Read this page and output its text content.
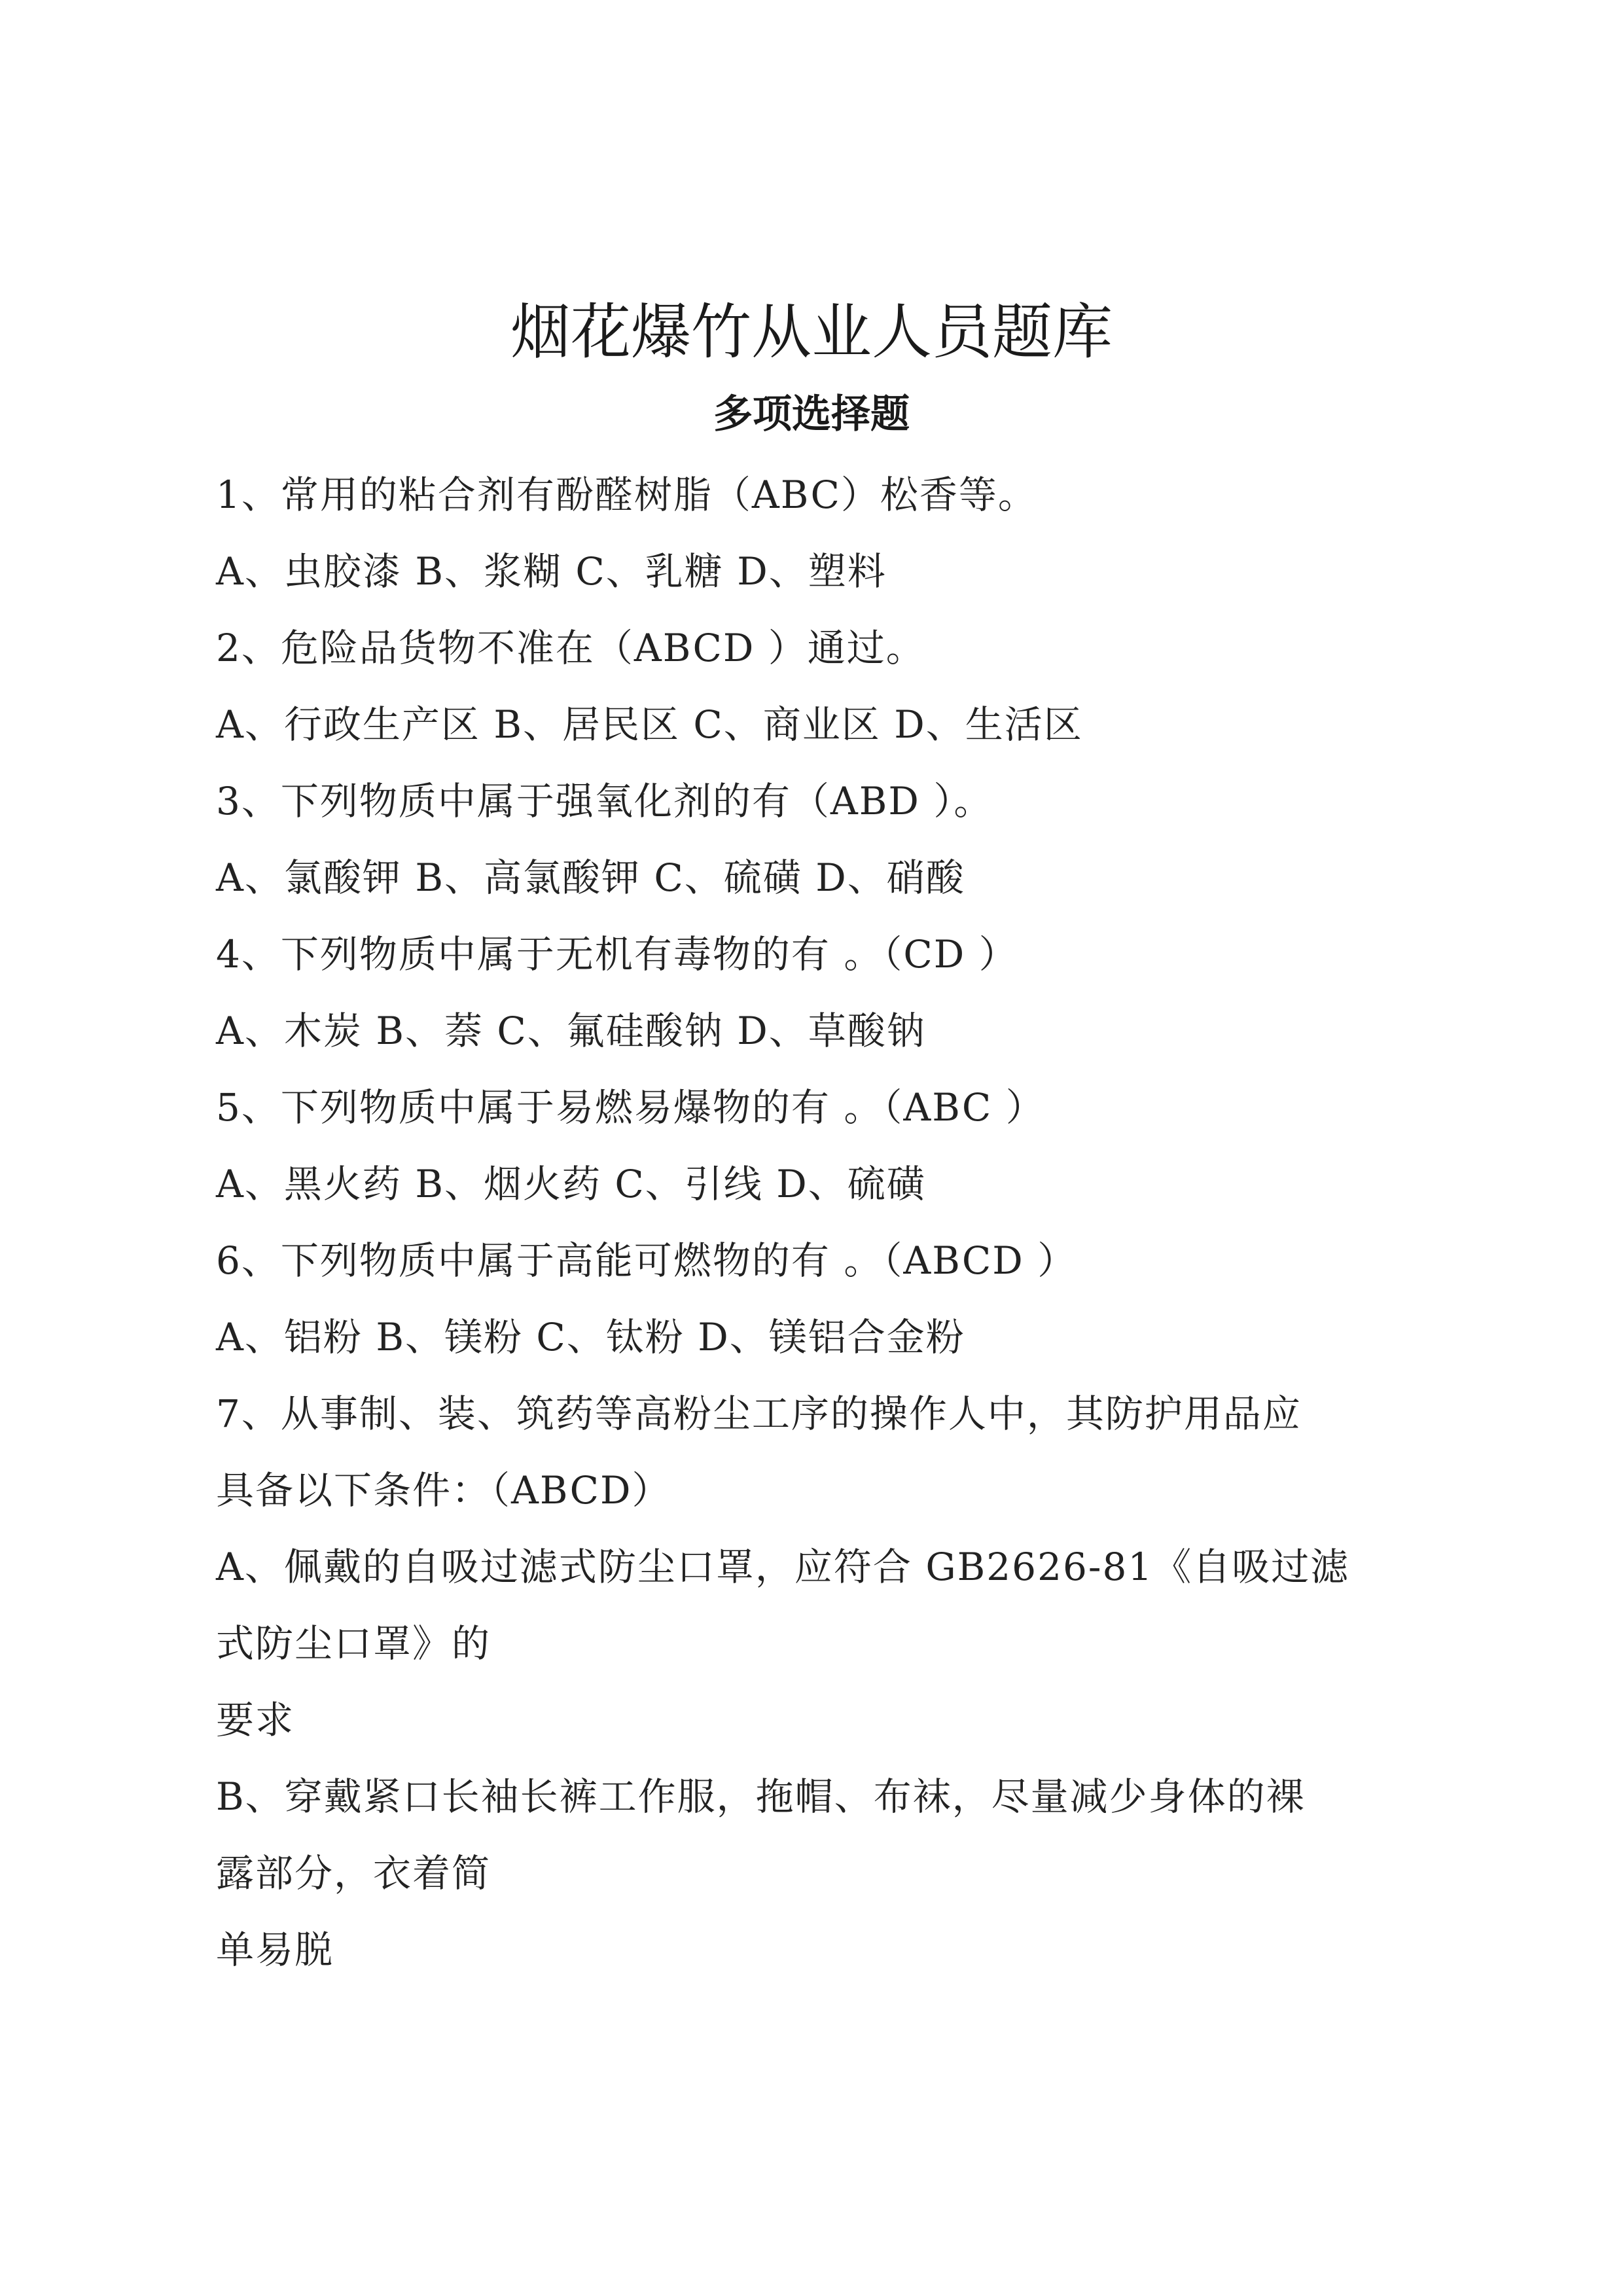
烟花爆竹从业人员题库
多项选择题

1、常用的粘合剂有酚醛树脂（ABC）松香等。

A、虫胶漆 B、浆糊 C、乳糖 D、塑料

2、危险品货物不准在（ABCD ）通过。

A、行政生产区 B、居民区 C、商业区 D、生活区

3、下列物质中属于强氧化剂的有（ABD ）。

A、氯酸钾 B、高氯酸钾 C、硫磺 D、硝酸

4、下列物质中属于无机有毒物的有 。（CD ）

A、木炭 B、萘 C、氟硅酸钠 D、草酸钠

5、下列物质中属于易燃易爆物的有 。（ABC ）

A、黑火药 B、烟火药 C、引线 D、硫磺

6、下列物质中属于高能可燃物的有 。（ABCD ）

A、铝粉 B、镁粉 C、钛粉 D、镁铝合金粉

7、从事制、装、筑药等高粉尘工序的操作人中，其防护用品应

具备以下条件：（ABCD）

A、佩戴的自吸过滤式防尘口罩，应符合 GB2626-81《自吸过滤

式防尘口罩》的

要求

B、穿戴紧口长袖长裤工作服，拖帽、布袜，尽量减少身体的裸

露部分，衣着简

单易脱
